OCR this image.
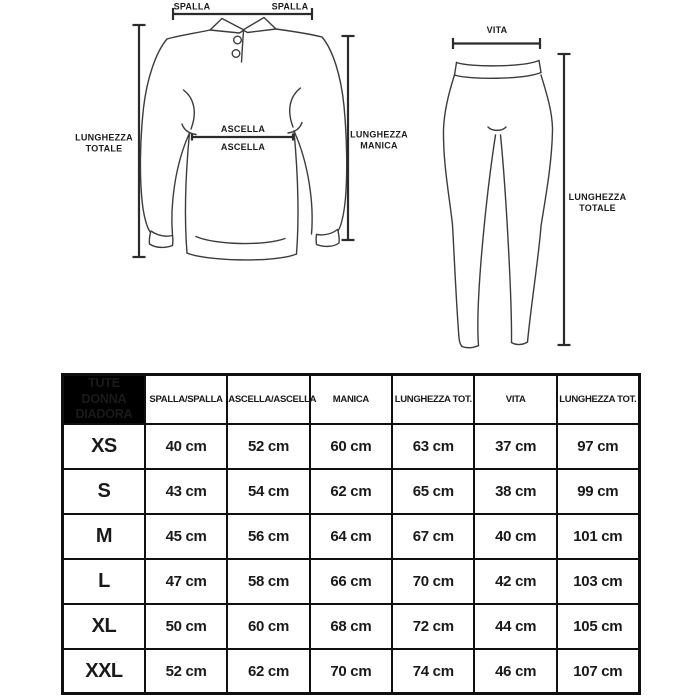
SPALLA	SPALLA
LUNGHEZZA
TOTALE
ASCELLA
ASCELLA
LUNGHEZZA
MANICA
VITA
LUNGHEZZA
TOTALE
TUTE DONNA
DIADORA	SPALLA/SPALLA	ASCELLA/ASCELLA	MANICA	LUNGHEZZA TOT.	VITA	LUNGHEZZA TOT.
XS	40 cm	52 cm	60 cm	63 cm	37 cm	97 cm
S	43 cm	54 cm	62 cm	65 cm	38 cm	99 cm
M	45 cm	56 cm	64 cm	67 cm	40 cm	101 cm
L	47 cm	58 cm	66 cm	70 cm	42 cm	103 cm
XL	50 cm	60 cm	68 cm	72 cm	44 cm	105 cm
XXL	52 cm	62 cm	70 cm	74 cm	46 cm	107 cm
